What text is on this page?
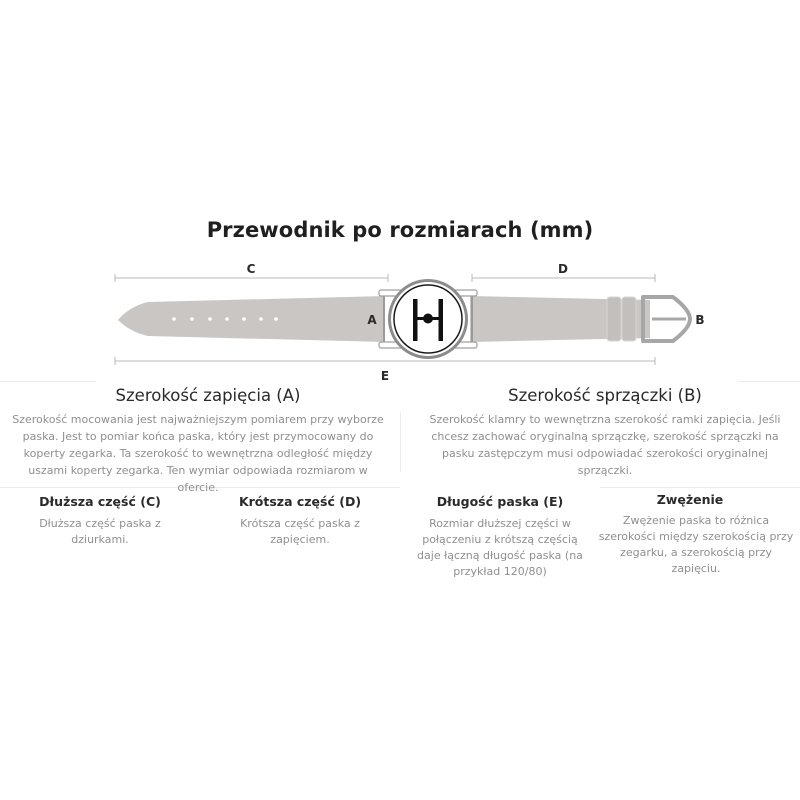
Przewodnik po rozmiarach (mm)
C	D
A	B
E
Szerokość zapięcia (A)
Szerokość mocowania jest najważniejszym pomiarem przy wyborze paska. Jest to pomiar końca paska, który jest przymocowany do koperty zegarka. Ta szerokość to wewnętrzna odległość między uszami koperty zegarka. Ten wymiar odpowiada rozmiarom w ofercie.
Szerokość sprzączki (B)
Szerokość klamry to wewnętrzna szerokość ramki zapięcia. Jeśli chcesz zachować oryginalną sprzączkę, szerokość sprzączki na pasku zastępczym musi odpowiadać szerokości oryginalnej sprzączki.
Dłuższa część (C)
Dłuższa część paska z dziurkami.
Krótsza część (D)
Krótsza część paska z zapięciem.
Długość paska (E)
Rozmiar dłuższej części w połączeniu z krótszą częścią daje łączną długość paska (na przykład 120/80)
Zwężenie
Zwężenie paska to różnica szerokości między szerokością przy zegarku, a szerokością przy zapięciu.
